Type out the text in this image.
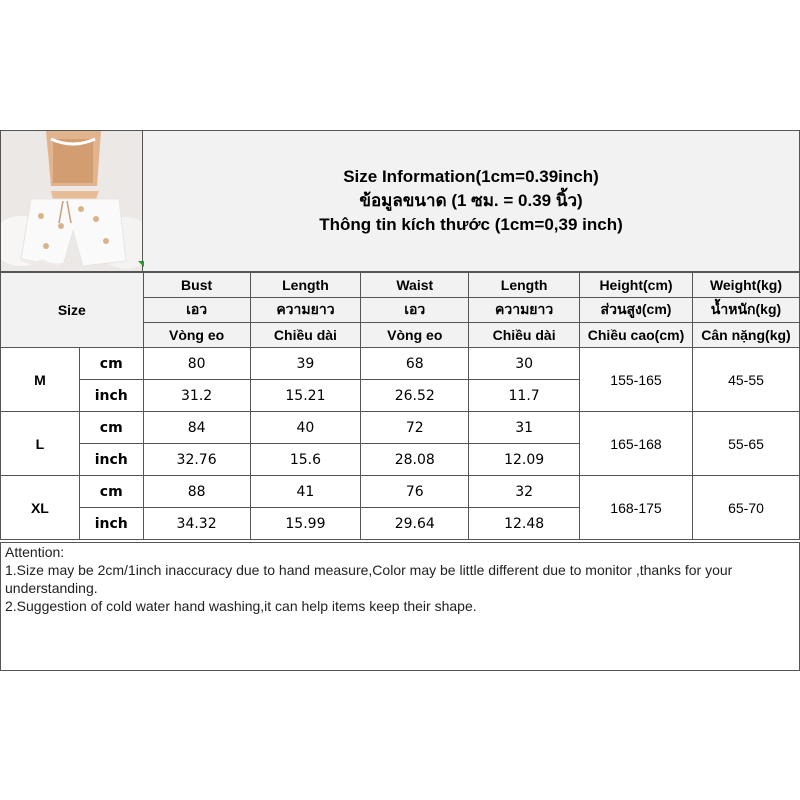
Size Information(1cm=0.39inch)
ข้อมูลขนาด (1 ซม. = 0.39 นิ้ว)
Thông tin kích thước (1cm=0,39 inch)
Size		Bust	Length	Waist	Length	Height(cm)	Weight(kg)
		เอว	ความยาว	เอว	ความยาว	ส่วนสูง(cm)	น้ำหนัก(kg)
		Vòng eo	Chiều dài	Vòng eo	Chiều dài	Chiều cao(cm)	Cân nặng(kg)
M	cm	80	39	68	30	155-165	45-55
	inch	31.2	15.21	26.52	11.7		
L	cm	84	40	72	31	165-168	55-65
	inch	32.76	15.6	28.08	12.09		
XL	cm	88	41	76	32	168-175	65-70
	inch	34.32	15.99	29.64	12.48		

Attention:

1.Size may be 2cm/1inch inaccuracy due to hand measure,Color may be little different due to monitor ,thanks for your understanding.

2.Suggestion of cold water hand washing,it can help items keep their shape.
